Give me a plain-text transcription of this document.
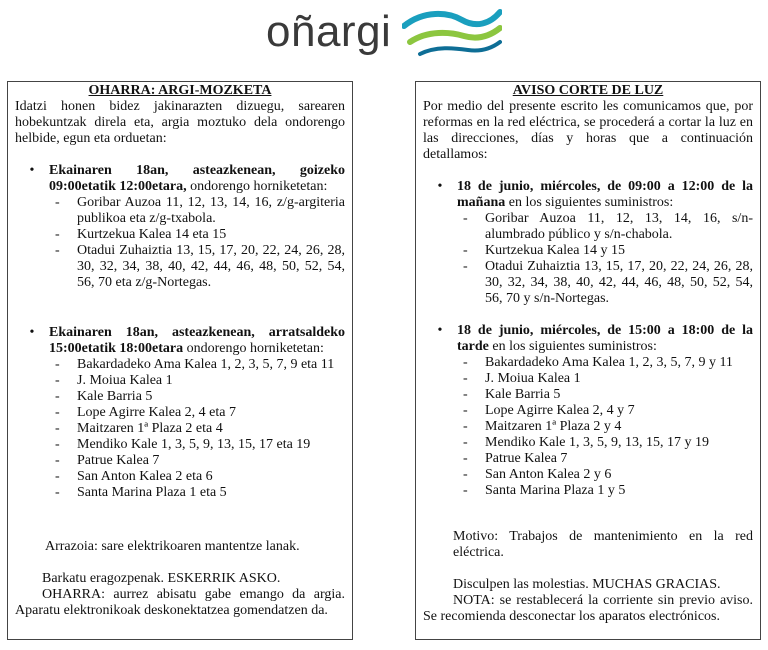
oñargi

OHARRA: ARGI-MOZKETA

Idatzi honen bidez jakinarazten dizuegu, sarearen hobekuntzak direla eta, argia moztuko dela ondorengo helbide, egun eta orduetan:

•	Ekainaren 18an, asteazkenean, goizeko 09:00etatik 12:00etara, ondorengo horniketetan:
-	Goribar Auzoa 11, 12, 13, 14, 16, z/g-argiteria publikoa eta z/g-txabola.
-	Kurtzekua Kalea 14 eta 15
-	Otadui Zuhaiztia 13, 15, 17, 20, 22, 24, 26, 28, 30, 32, 34, 38, 40, 42, 44, 46, 48, 50, 52, 54, 56, 70 eta z/g-Nortegas.
•	Ekainaren 18an, asteazkenean, arratsaldeko 15:00etatik 18:00etara ondorengo horniketetan:
-	Bakardadeko Ama Kalea 1, 2, 3, 5, 7, 9 eta 11
-	J. Moiua Kalea 1
-	Kale Barria 5
-	Lope Agirre Kalea 2, 4 eta 7
-	Maitzaren 1ª Plaza 2 eta 4
-	Mendiko Kale 1, 3, 5, 9, 13, 15, 17 eta 19
-	Patrue Kalea 7
-	San Anton Kalea 2 eta 6
-	Santa Marina Plaza 1 eta 5

Arrazoia: sare elektrikoaren mantentze lanak.

Barkatu eragozpenak. ESKERRIK ASKO.

OHARRA: aurrez abisatu gabe emango da argia. Aparatu elektronikoak deskonektatzea gomendatzen da.

AVISO CORTE DE LUZ

Por medio del presente escrito les comunicamos que, por reformas en la red eléctrica, se procederá a cortar la luz en las direcciones, días y horas que a continuación detallamos:

•	18 de junio, miércoles, de 09:00 a 12:00 de la mañana en los siguientes suministros:
-	Goribar Auzoa 11, 12, 13, 14, 16, s/n-alumbrado público y s/n-chabola.
-	Kurtzekua Kalea 14 y 15
-	Otadui Zuhaiztia 13, 15, 17, 20, 22, 24, 26, 28, 30, 32, 34, 38, 40, 42, 44, 46, 48, 50, 52, 54, 56, 70 y s/n-Nortegas.
•	18 de junio, miércoles, de 15:00 a 18:00 de la tarde en los siguientes suministros:
-	Bakardadeko Ama Kalea 1, 2, 3, 5, 7, 9 y 11
-	J. Moiua Kalea 1
-	Kale Barria 5
-	Lope Agirre Kalea 2, 4 y 7
-	Maitzaren 1ª Plaza 2 y 4
-	Mendiko Kale 1, 3, 5, 9, 13, 15, 17 y 19
-	Patrue Kalea 7
-	San Anton Kalea 2 y 6
-	Santa Marina Plaza 1 y 5

Motivo: Trabajos de mantenimiento en la red eléctrica.

Disculpen las molestias. MUCHAS GRACIAS.

NOTA: se restablecerá la corriente sin previo aviso. Se recomienda desconectar los aparatos electrónicos.
